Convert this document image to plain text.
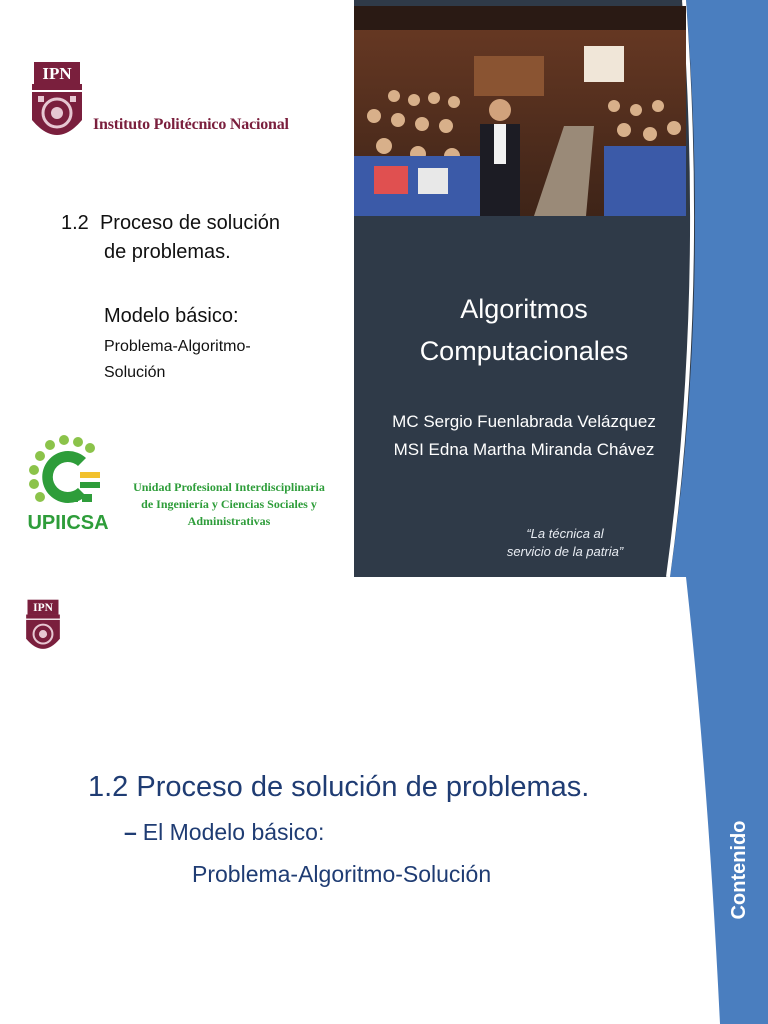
IPN
Instituto Politécnico Nacional
1.2 Proceso de solución
de problemas.
Modelo básico:
Problema-Algoritmo-
Solución
UPIICSA
Unidad Profesional Interdisciplinaria
de Ingeniería y Ciencias Sociales y
Administrativas
Algoritmos
Computacionales
MC Sergio Fuenlabrada Velázquez
MSI Edna Martha Miranda Chávez
“La técnica al
servicio de la patria”
IPN
1.2 Proceso de solución de problemas.
– El Modelo básico:
Problema-Algoritmo-Solución	Contenido
